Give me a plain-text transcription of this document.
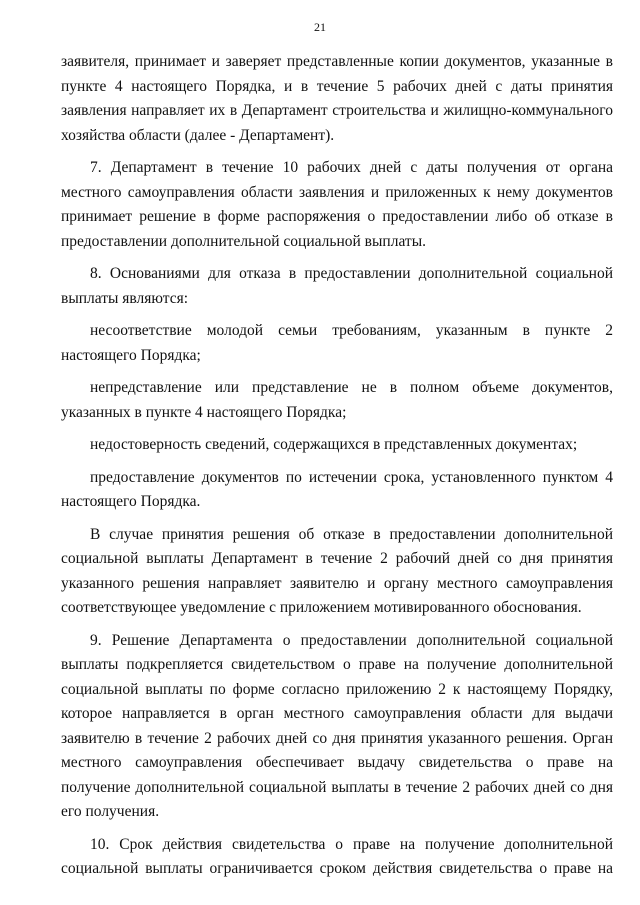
21

заявителя, принимает и заверяет представленные копии документов, указанные в пункте 4 настоящего Порядка, и в течение 5 рабочих дней с даты принятия заявления направляет их в Департамент строительства и жилищно-коммунального хозяйства области (далее - Департамент).

7. Департамент в течение 10 рабочих дней с даты получения от органа местного самоуправления области заявления и приложенных к нему документов принимает решение в форме распоряжения о предоставлении либо об отказе в предоставлении дополнительной социальной выплаты.

8. Основаниями для отказа в предоставлении дополнительной социальной выплаты являются:

несоответствие молодой семьи требованиям, указанным в пункте 2 настоящего Порядка;

непредставление или представление не в полном объеме документов, указанных в пункте 4 настоящего Порядка;

недостоверность сведений, содержащихся в представленных документах;

предоставление документов по истечении срока, установленного пунктом 4 настоящего Порядка.

В случае принятия решения об отказе в предоставлении дополнительной социальной выплаты Департамент в течение 2 рабочий дней со дня принятия указанного решения направляет заявителю и органу местного самоуправления соответствующее уведомление с приложением мотивированного обоснования.

9. Решение Департамента о предоставлении дополнительной социальной выплаты подкрепляется свидетельством о праве на получение дополнительной социальной выплаты по форме согласно приложению 2 к настоящему Порядку, которое направляется в орган местного самоуправления области для выдачи заявителю в течение 2 рабочих дней со дня принятия указанного решения. Орган местного самоуправления обеспечивает выдачу свидетельства о праве на получение дополнительной социальной выплаты в течение 2 рабочих дней со дня его получения.

10. Срок действия свидетельства о праве на получение дополнительной социальной выплаты ограничивается сроком действия свидетельства о праве на
